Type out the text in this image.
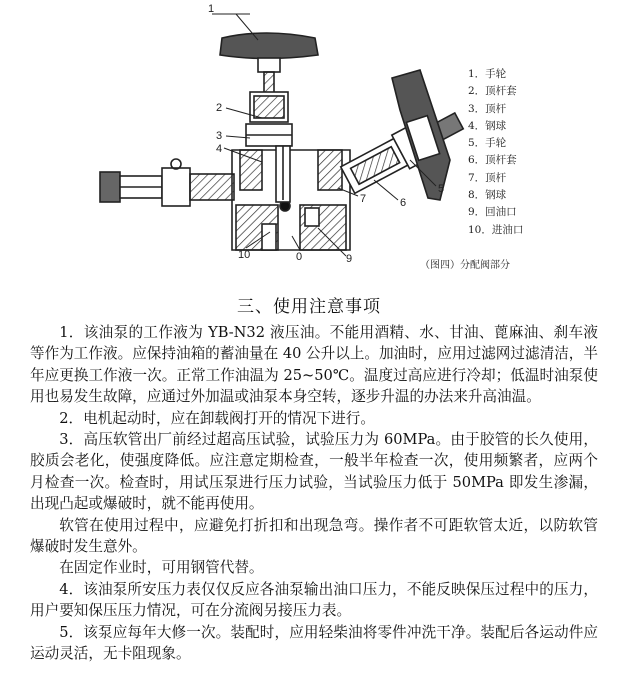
1
2
3
4
5
6
7
10	0	9
1．手轮
2．顶杆套
3．顶杆
4．钢球
5．手轮
6．顶杆套
7．顶杆
8．钢球
9．回油口
10．进油口
（图四）分配阀部分
三、使用注意事项

1．该油泵的工作液为 YB-N32 液压油。不能用酒精、水、甘油、蓖麻油、刹车液等作为工作液。应保持油箱的蓄油量在 40 公升以上。加油时，应用过滤网过滤清洁，半年应更换工作液一次。正常工作油温为 25~50℃。温度过高应进行冷却；低温时油泵使用也易发生故障，应通过外加温或油泵本身空转，逐步升温的办法来升高油温。

2．电机起动时，应在卸载阀打开的情况下进行。

3．高压软管出厂前经过超高压试验，试验压力为 60MPa。由于胶管的长久使用，胶质会老化，使强度降低。应注意定期检查，一般半年检查一次，使用频繁者，应两个月检查一次。检查时，用试压泵进行压力试验，当试验压力低于 50MPa 即发生渗漏，出现凸起或爆破时，就不能再使用。

软管在使用过程中，应避免打折扣和出现急弯。操作者不可距软管太近，以防软管爆破时发生意外。

在固定作业时，可用钢管代替。

4．该油泵所安压力表仅仅反应各油泵输出油口压力，不能反映保压过程中的压力，用户要知保压压力情况，可在分流阀另接压力表。

5．该泵应每年大修一次。装配时，应用轻柴油将零件冲洗干净。装配后各运动件应运动灵活，无卡阻现象。
